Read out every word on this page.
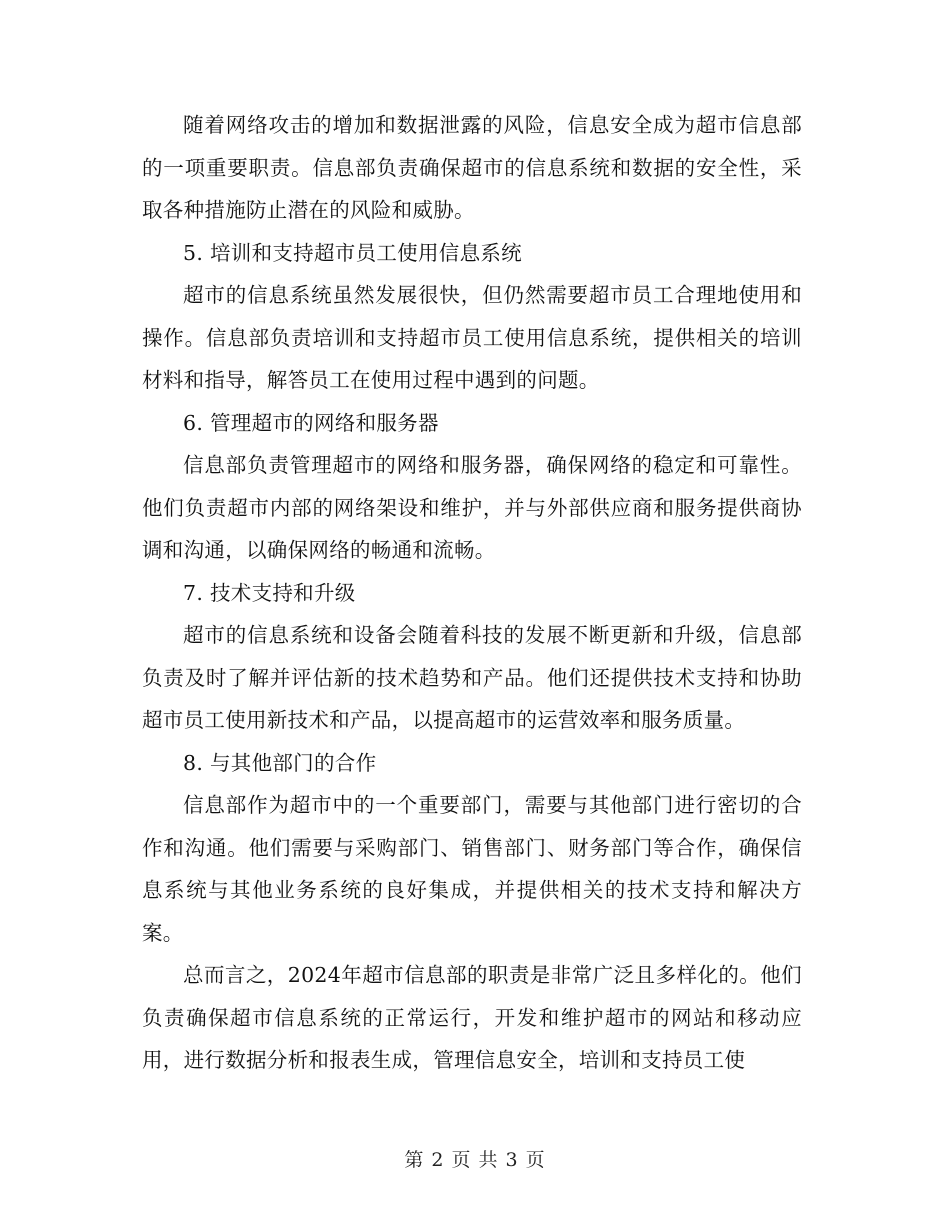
随着网络攻击的增加和数据泄露的风险，信息安全成为超市信息部的一项重要职责。信息部负责确保超市的信息系统和数据的安全性，采取各种措施防止潜在的风险和威胁。

5. 培训和支持超市员工使用信息系统

超市的信息系统虽然发展很快，但仍然需要超市员工合理地使用和操作。信息部负责培训和支持超市员工使用信息系统，提供相关的培训材料和指导，解答员工在使用过程中遇到的问题。

6. 管理超市的网络和服务器

信息部负责管理超市的网络和服务器，确保网络的稳定和可靠性。他们负责超市内部的网络架设和维护，并与外部供应商和服务提供商协调和沟通，以确保网络的畅通和流畅。

7. 技术支持和升级

超市的信息系统和设备会随着科技的发展不断更新和升级，信息部负责及时了解并评估新的技术趋势和产品。他们还提供技术支持和协助超市员工使用新技术和产品，以提高超市的运营效率和服务质量。

8. 与其他部门的合作

信息部作为超市中的一个重要部门，需要与其他部门进行密切的合作和沟通。他们需要与采购部门、销售部门、财务部门等合作，确保信息系统与其他业务系统的良好集成，并提供相关的技术支持和解决方案。

总而言之，2024年超市信息部的职责是非常广泛且多样化的。他们负责确保超市信息系统的正常运行，开发和维护超市的网站和移动应用，进行数据分析和报表生成，管理信息安全，培训和支持员工使

第 2 页 共 3 页
